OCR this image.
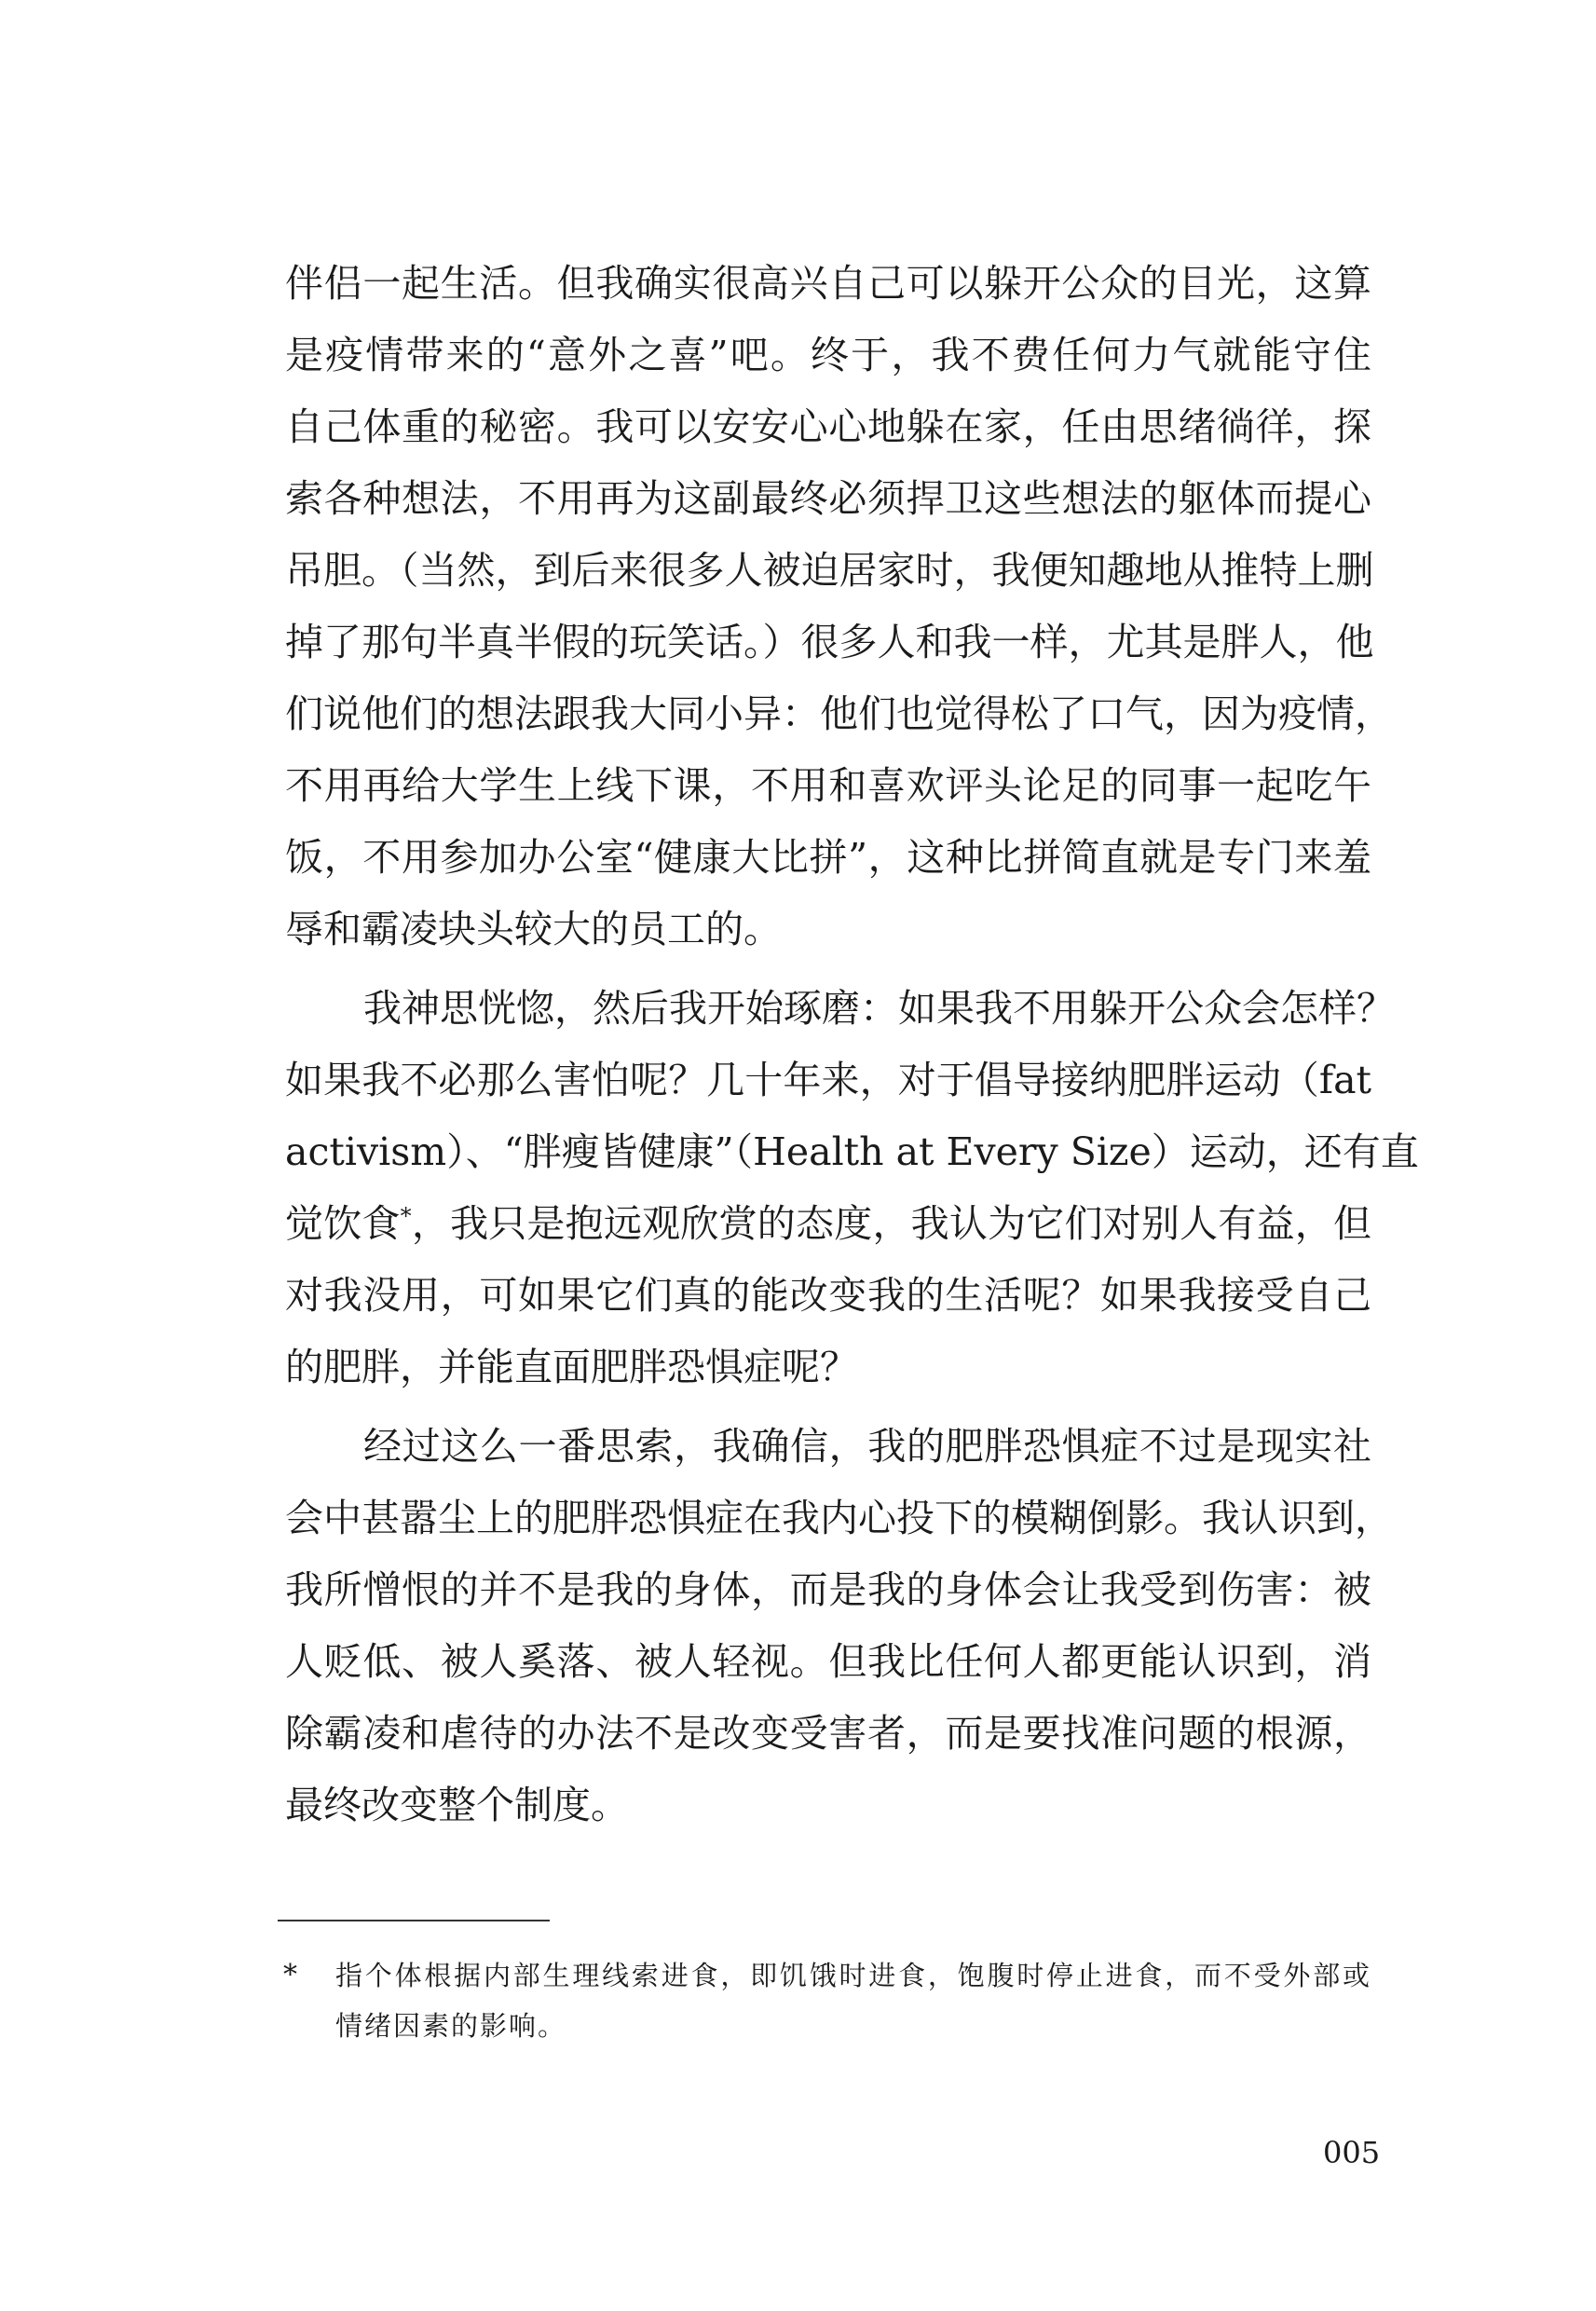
伴侣一起生活。但我确实很高兴自己可以躲开公众的目光，这算
是疫情带来的“意外之喜”吧。终于，我不费任何力气就能守住
自己体重的秘密。我可以安安心心地躲在家，任由思绪徜徉，探
索各种想法，不用再为这副最终必须捍卫这些想法的躯体而提心
吊胆。（当然，到后来很多人被迫居家时，我便知趣地从推特上删
掉了那句半真半假的玩笑话。）很多人和我一样，尤其是胖人，他
们说他们的想法跟我大同小异：他们也觉得松了口气，因为疫情，
不用再给大学生上线下课，不用和喜欢评头论足的同事一起吃午
饭，不用参加办公室“健康大比拼”，这种比拼简直就是专门来羞
辱和霸凌块头较大的员工的。
我神思恍惚，然后我开始琢磨：如果我不用躲开公众会怎样？
如果我不必那么害怕呢？几十年来，对于倡导接纳肥胖运动（fat
activism）、“胖瘦皆健康”（Health at Every Size）运动，还有直
觉饮食*，我只是抱远观欣赏的态度，我认为它们对别人有益，但
对我没用，可如果它们真的能改变我的生活呢？如果我接受自己
的肥胖，并能直面肥胖恐惧症呢？
经过这么一番思索，我确信，我的肥胖恐惧症不过是现实社
会中甚嚣尘上的肥胖恐惧症在我内心投下的模糊倒影。我认识到，
我所憎恨的并不是我的身体，而是我的身体会让我受到伤害：被
人贬低、被人奚落、被人轻视。但我比任何人都更能认识到，消
除霸凌和虐待的办法不是改变受害者，而是要找准问题的根源，
最终改变整个制度。
* 指个体根据内部生理线索进食，即饥饿时进食，饱腹时停止进食，而不受外部或
情绪因素的影响。
005
